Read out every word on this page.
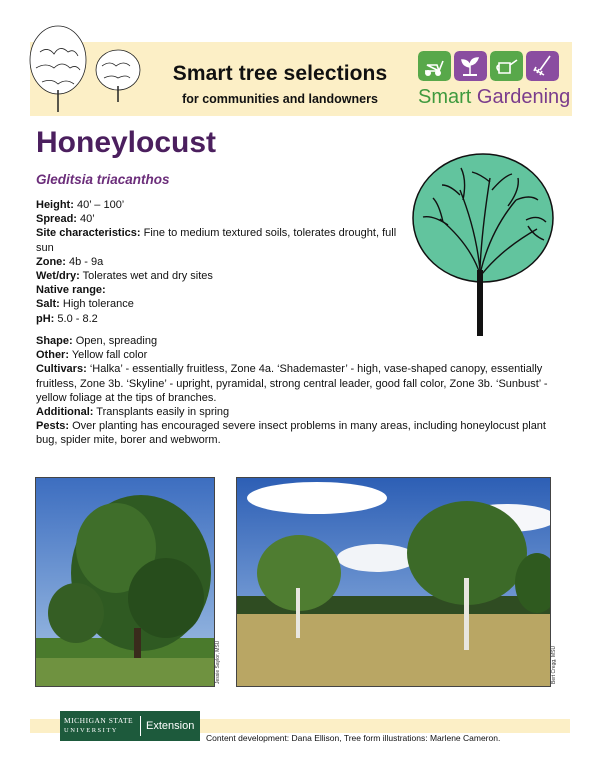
Smart tree selections
for communities and landowners	Smart Gardening
Honeylocust
Gleditsia triacanthos
Height: 40’ – 100’
Spread: 40’
Site characteristics: Fine to medium textured soils, tolerates drought, full sun
Zone: 4b - 9a
Wet/dry: Tolerates wet and dry sites
Native range:
Salt: High tolerance
pH: 5.0 - 8.2
Shape: Open, spreading
Other: Yellow fall color
Cultivars: ‘Halka’ - essentially fruitless, Zone 4a. ‘Shademaster’ - high, vase-shaped canopy, essentially fruitless, Zone 3b. ‘Skyline’ - upright, pyramidal, strong central leader, good fall color, Zone 3b. ‘Sunbust’ - yellow foliage at the tips of branches.
Additional: Transplants easily in spring
Pests: Over planting has encouraged severe insect problems in many areas, including honeylocust plant bug, spider mite, borer and webworm.
Jessie Saylor, MSU	Bert Cregg, MSU
MICHIGAN STATE
UNIVERSITY	Extension
Content development: Dana Ellison, Tree form illustrations: Marlene Cameron.
